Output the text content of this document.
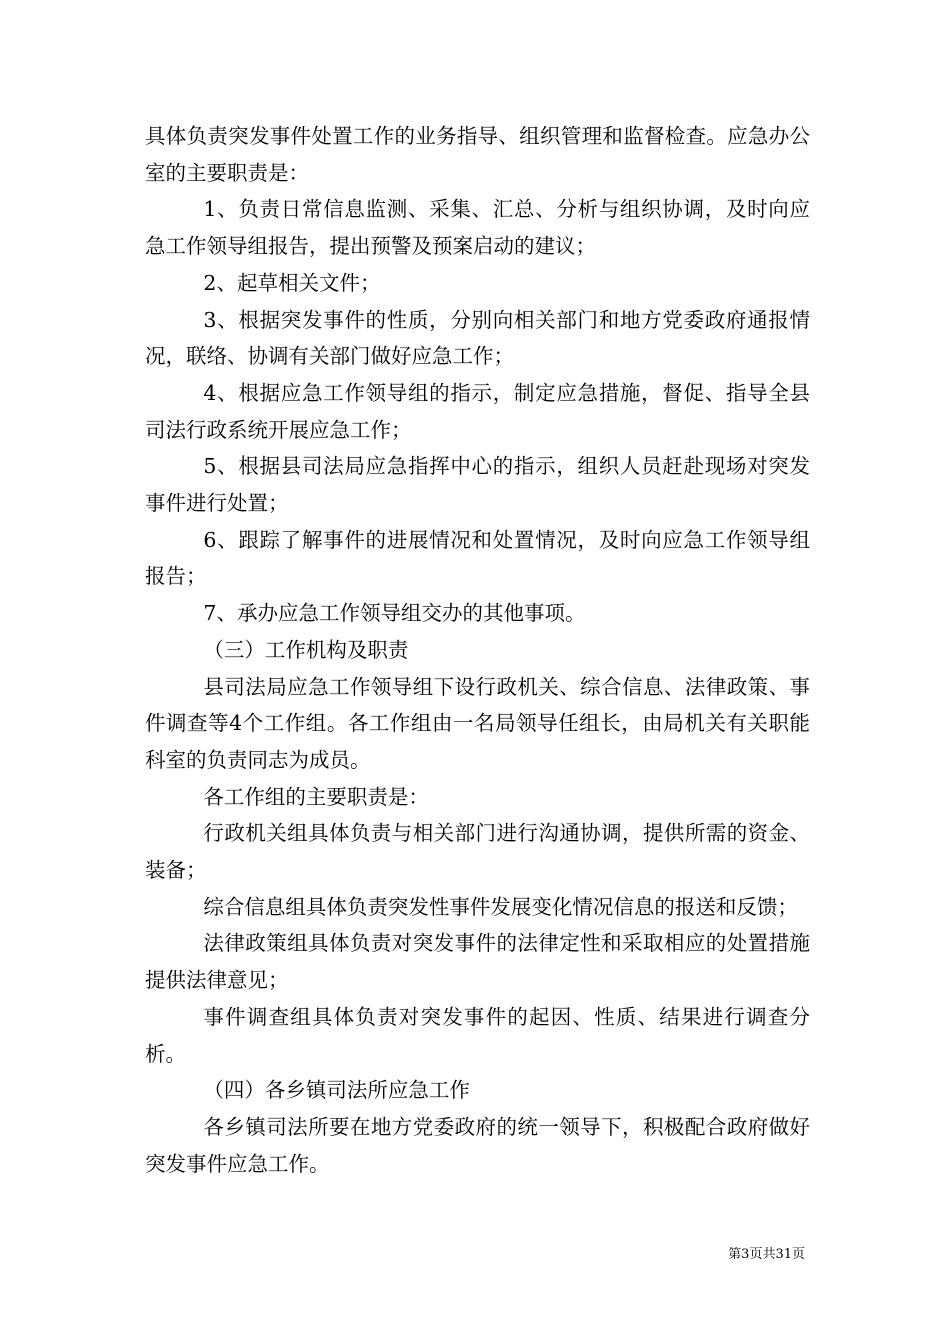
具体负责突发事件处置工作的业务指导、组织管理和监督检查。应急办公室的主要职责是：

1、负责日常信息监测、采集、汇总、分析与组织协调，及时向应急工作领导组报告，提出预警及预案启动的建议；

2、起草相关文件；

3、根据突发事件的性质，分别向相关部门和地方党委政府通报情况，联络、协调有关部门做好应急工作；

4、根据应急工作领导组的指示，制定应急措施，督促、指导全县司法行政系统开展应急工作；

5、根据县司法局应急指挥中心的指示，组织人员赶赴现场对突发事件进行处置；

6、跟踪了解事件的进展情况和处置情况，及时向应急工作领导组报告；

7、承办应急工作领导组交办的其他事项。

（三）工作机构及职责

县司法局应急工作领导组下设行政机关、综合信息、法律政策、事件调查等4个工作组。各工作组由一名局领导任组长，由局机关有关职能科室的负责同志为成员。

各工作组的主要职责是：

行政机关组具体负责与相关部门进行沟通协调，提供所需的资金、装备；

综合信息组具体负责突发性事件发展变化情况信息的报送和反馈；

法律政策组具体负责对突发事件的法律定性和采取相应的处置措施提供法律意见；

事件调查组具体负责对突发事件的起因、性质、结果进行调查分析。

（四）各乡镇司法所应急工作

各乡镇司法所要在地方党委政府的统一领导下，积极配合政府做好突发事件应急工作。

第3页共31页
